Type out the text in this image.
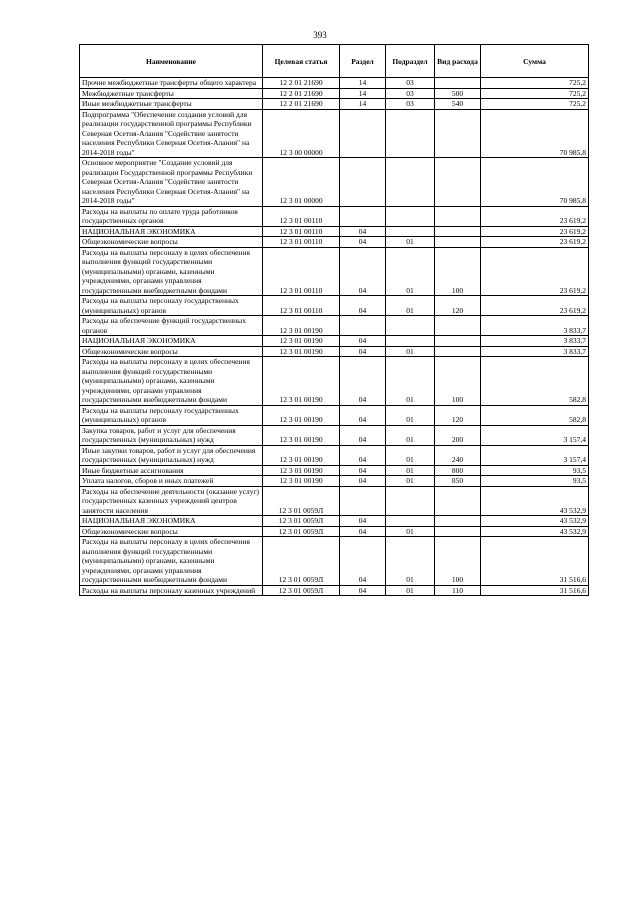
393
Наименование	Целевая статья	Раздел	Подраздел	Вид расхода	Сумма
Прочие межбюджетные трансферты общего характера	12 2 01 21690	14	03		725,2
Межбюджетные трансферты	12 2 01 21690	14	03	500	725,2
Иные межбюджетные трансферты	12 2 01 21690	14	03	540	725,2
Подпрограмма "Обеспечение создания условий для реализации государственной программы Республики Северная Осетия-Алания "Содействие занятости населения Республики Северная Осетия-Алания" на 2014-2018 годы"	12 3 00 00000				70 985,8
Основное мероприятие "Создание условий для реализации Государственной программы Республики Северная Осетия-Алания "Содействие занятости населения Республики Северная Осетия-Алания" на 2014-2018 годы"	12 3 01 00000				70 985,8
Расходы на выплаты по оплате труда работников государственных органов	12 3 01 00110				23 619,2
НАЦИОНАЛЬНАЯ ЭКОНОМИКА	12 3 01 00110	04			23 619,2
Общеэкономические вопросы	12 3 01 00110	04	01		23 619,2
Расходы на выплаты персоналу в целях обеспечения выполнения функций государственными (муниципальными) органами, казенными учреждениями, органами управления государственными внебюджетными фондами	12 3 01 00110	04	01	100	23 619,2
Расходы на выплаты персоналу государственных (муниципальных) органов	12 3 01 00110	04	01	120	23 619,2
Расходы на обеспечение функций государственных органов	12 3 01 00190				3 833,7
НАЦИОНАЛЬНАЯ ЭКОНОМИКА	12 3 01 00190	04			3 833,7
Общеэкономические вопросы	12 3 01 00190	04	01		3 833,7
Расходы на выплаты персоналу в целях обеспечения выполнения функций государственными (муниципальными) органами, казенными учреждениями, органами управления государственными внебюджетными фондами	12 3 01 00190	04	01	100	582,8
Расходы на выплаты персоналу государственных (муниципальных) органов	12 3 01 00190	04	01	120	582,8
Закупка товаров, работ и услуг для обеспечения государственных (муниципальных) нужд	12 3 01 00190	04	01	200	3 157,4
Иные закупки товаров, работ и услуг для обеспечения государственных (муниципальных) нужд	12 3 01 00190	04	01	240	3 157,4
Иные бюджетные ассигнования	12 3 01 00190	04	01	800	93,5
Уплата налогов, сборов и иных платежей	12 3 01 00190	04	01	850	93,5
Расходы на обеспечение деятельности (оказание услуг) государственных казенных учреждений центров занятости населения	12 3 01 0059Л				43 532,9
НАЦИОНАЛЬНАЯ ЭКОНОМИКА	12 3 01 0059Л	04			43 532,9
Общеэкономические вопросы	12 3 01 0059Л	04	01		43 532,9
Расходы на выплаты персоналу в целях обеспечения выполнения функций государственными (муниципальными) органами, казенными учреждениями, органами управления государственными внебюджетными фондами	12 3 01 0059Л	04	01	100	31 516,6
Расходы на выплаты персоналу казенных учреждений	12 3 01 0059Л	04	01	110	31 516,6
